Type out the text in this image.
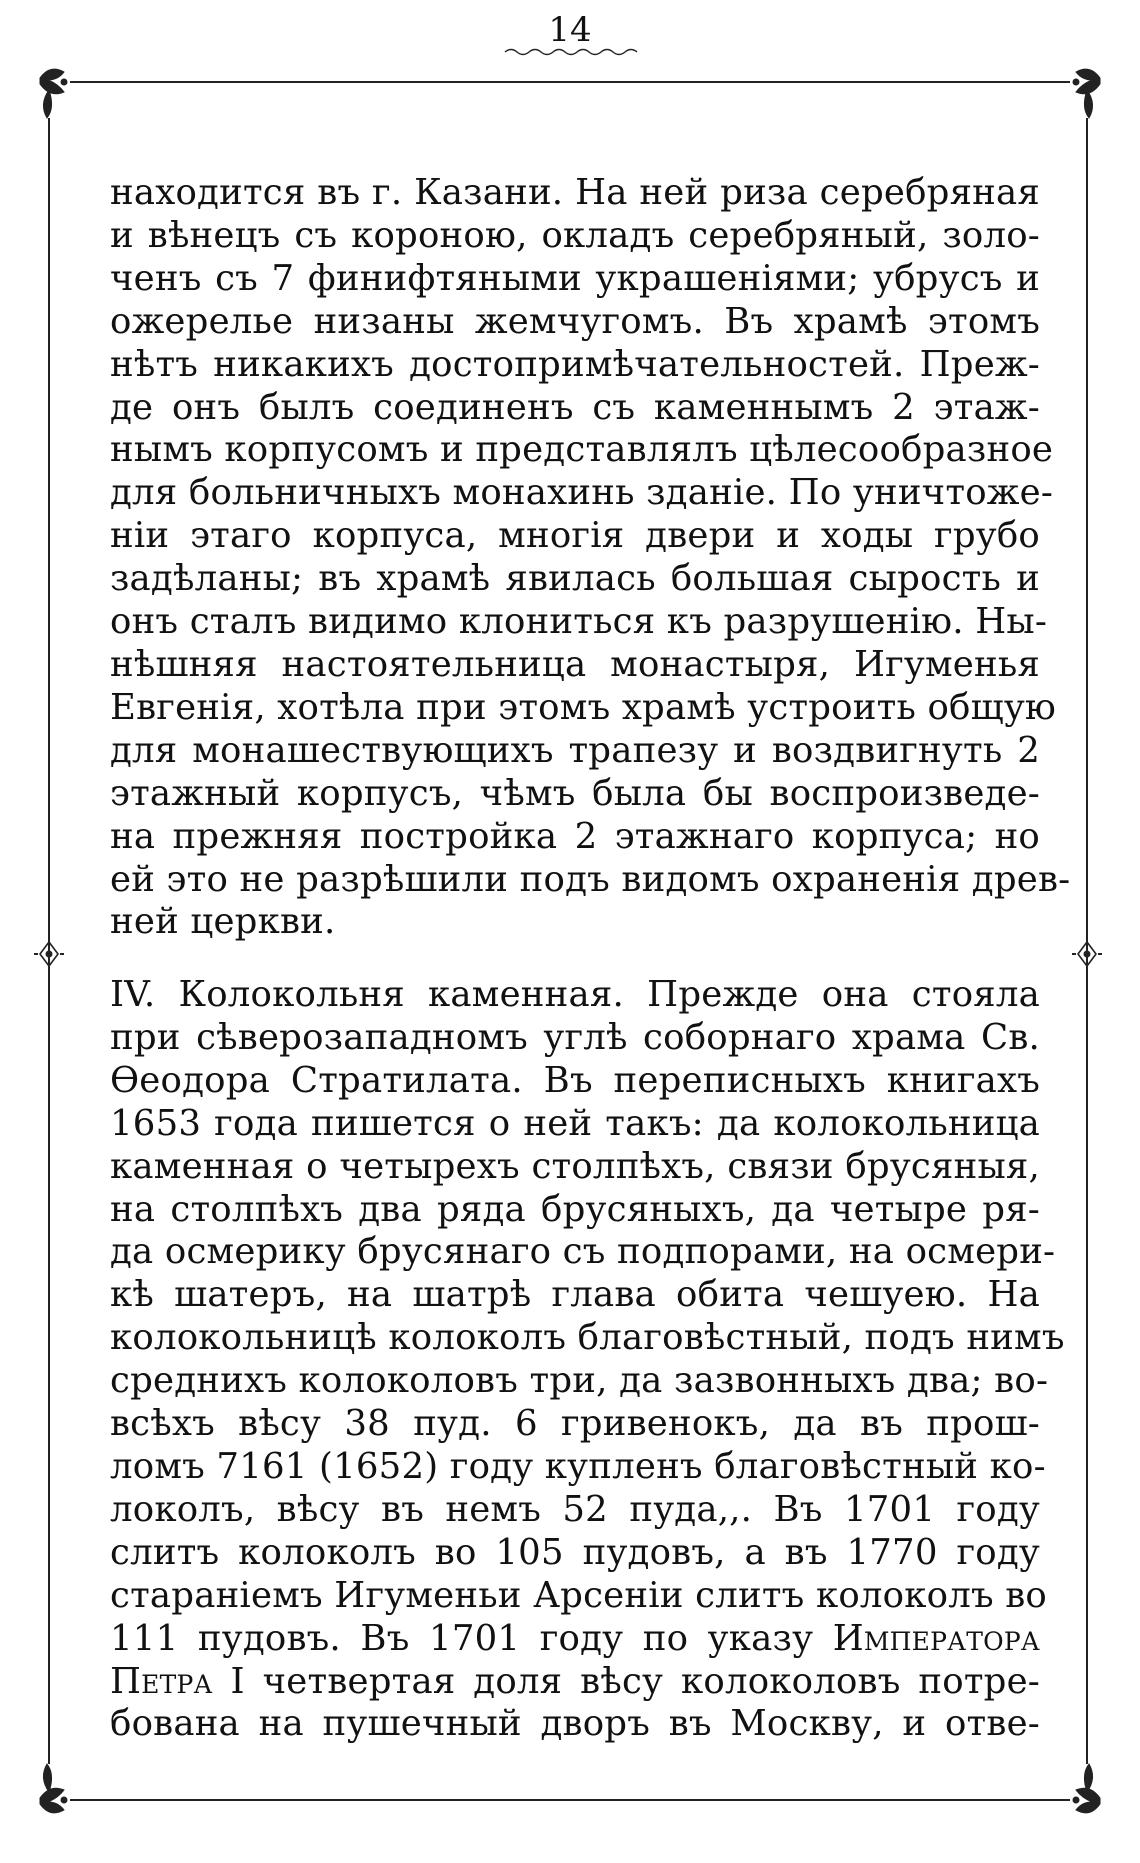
14
находится въ г. Казани. На ней риза серебряная
и вѣнецъ съ короною, окладъ серебряный, золо-
ченъ съ 7 финифтяными украшеніями; убрусъ и
ожерелье низаны жемчугомъ. Въ храмѣ этомъ
нѣтъ никакихъ достопримѣчательностей. Преж-
де онъ былъ соединенъ съ каменнымъ 2 этаж-
нымъ корпусомъ и представлялъ цѣлесообразное
для больничныхъ монахинь зданіе. По уничтоже-
ніи этаго корпуса, многія двери и ходы грубо
задѣланы; въ храмѣ явилась большая сырость и
онъ сталъ видимо клониться къ разрушенію. Ны-
нѣшняя настоятельница монастыря, Игуменья
Евгенія, хотѣла при этомъ храмѣ устроить общую
для монашествующихъ трапезу и воздвигнуть 2
этажный корпусъ, чѣмъ была бы воспроизведе-
на прежняя постройка 2 этажнаго корпуса; но
ей это не разрѣшили подъ видомъ охраненія древ-
ней церкви.
IV. Колокольня каменная. Прежде она стояла
при сѣверозападномъ углѣ соборнаго храма Св.
Ѳеодора Стратилата. Въ переписныхъ книгахъ
1653 года пишется о ней такъ: да колокольница
каменная о четырехъ столпѣхъ, связи брусяныя,
на столпѣхъ два ряда брусяныхъ, да четыре ря-
да осмерику брусянаго съ подпорами, на осмери-
кѣ шатеръ, на шатрѣ глава обита чешуею. На
колокольницѣ колоколъ благовѣстный, подъ нимъ
среднихъ колоколовъ три, да зазвонныхъ два; во-
всѣхъ вѣсу 38 пуд. 6 гривенокъ, да въ прош-
ломъ 7161 (1652) году купленъ благовѣстный ко-
локолъ, вѣсу въ немъ 52 пуда,,. Въ 1701 году
слитъ колоколъ во 105 пудовъ, а въ 1770 году
стараніемъ Игуменьи Арсеніи слитъ колоколъ во
111 пудовъ. Въ 1701 году по указу Императора
Петра I четвертая доля вѣсу колоколовъ потре-
бована на пушечный дворъ въ Москву, и отве-
